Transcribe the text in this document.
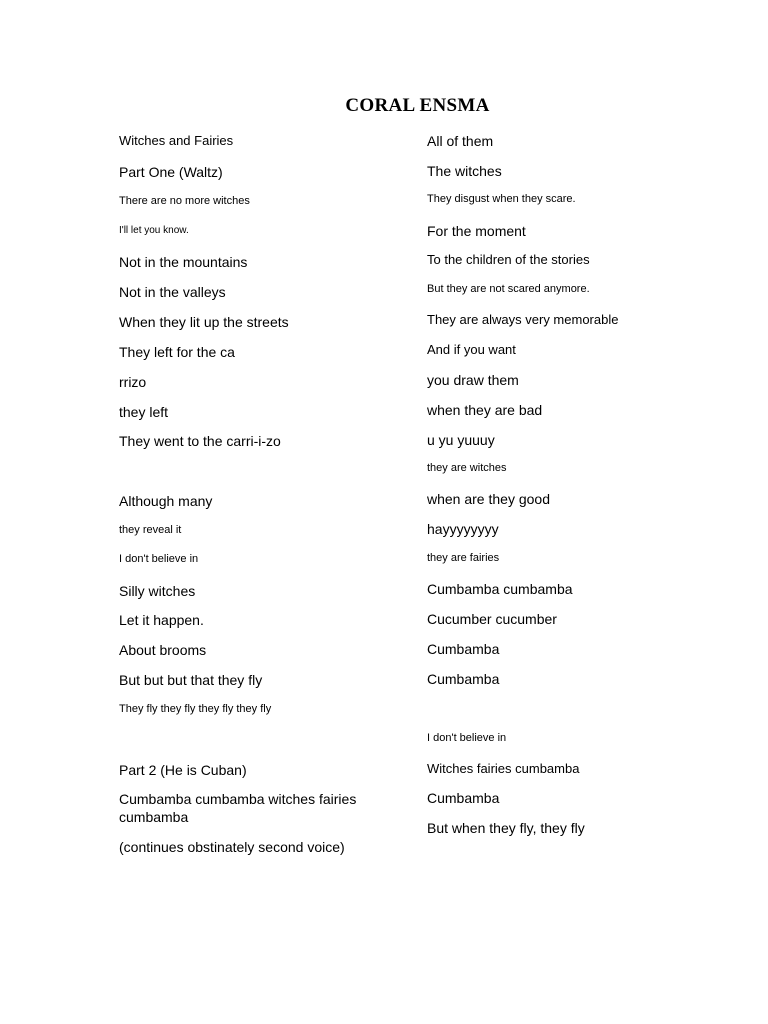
CORAL ENSMA
Witches and Fairies
Part One (Waltz)
There are no more witches
I'll let you know.
Not in the mountains
Not in the valleys
When they lit up the streets
They left for the ca
rrizo
they left
They went to the carri-i-zo
Although many
they reveal it
I don't believe in
Silly witches
Let it happen.
About brooms
But but but that they fly
They fly they fly they fly they fly
Part 2 (He is Cuban)
Cumbamba cumbamba witches fairies cumbamba
(continues obstinately second voice)
All of them
The witches
They disgust when they scare.
For the moment
To the children of the stories
But they are not scared anymore.
They are always very memorable
And if you want
you draw them
when they are bad
u yu yuuuy
they are witches
when are they good
hayyyyyyyy
they are fairies
Cumbamba cumbamba
Cucumber cucumber
Cumbamba
Cumbamba
I don't believe in
Witches fairies cumbamba
Cumbamba
But when they fly, they fly
